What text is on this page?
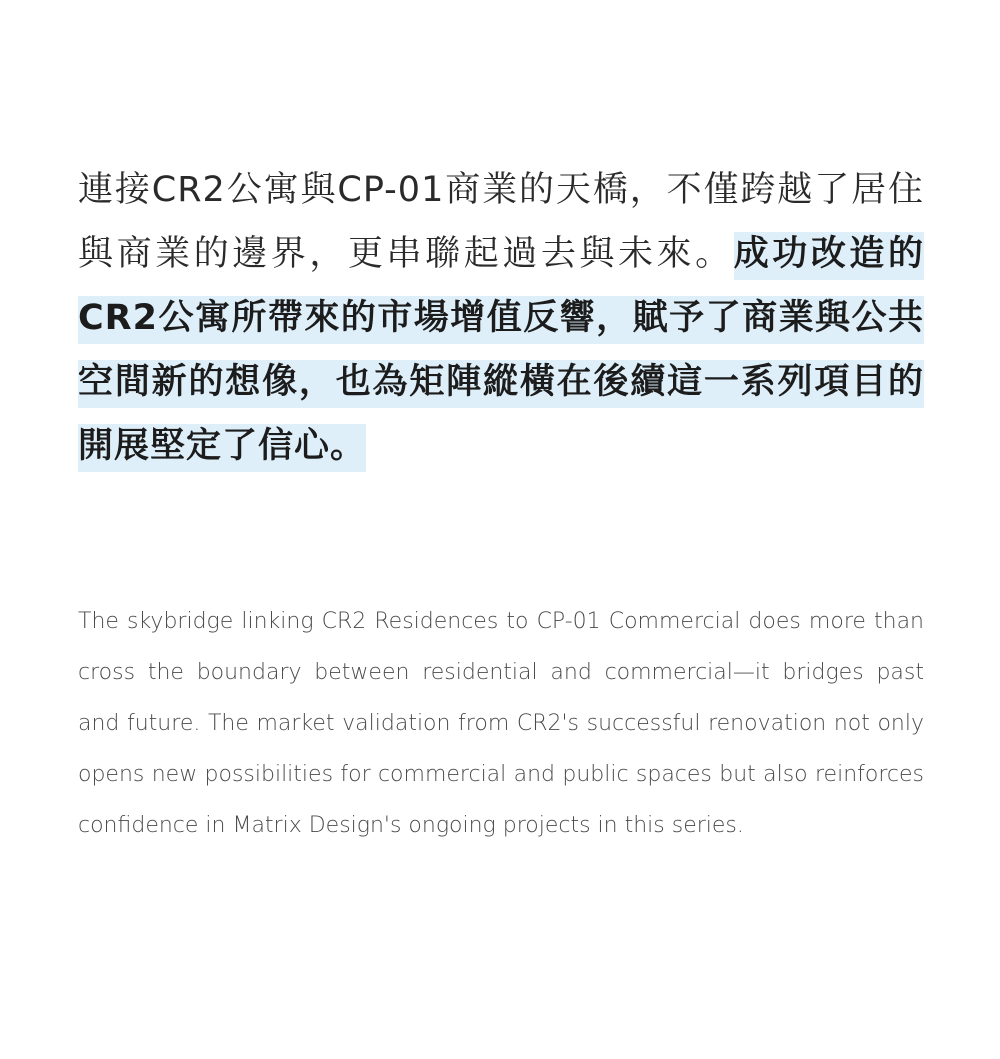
連接CR2公寓與CP-01商業的天橋，不僅跨越了居住與商業的邊界，更串聯起過去與未來。成功改造的CR2公寓所帶來的市場增值反響，賦予了商業與公共空間新的想像，也為矩陣縱橫在後續這一系列項目的開展堅定了信心。

The skybridge linking CR2 Residences to CP-01 Commercial does more than cross the boundary between residential and commercial—it bridges past and future. The market validation from CR2's successful renovation not only opens new possibilities for commercial and public spaces but also reinforces confidence in Matrix Design's ongoing projects in this series.
